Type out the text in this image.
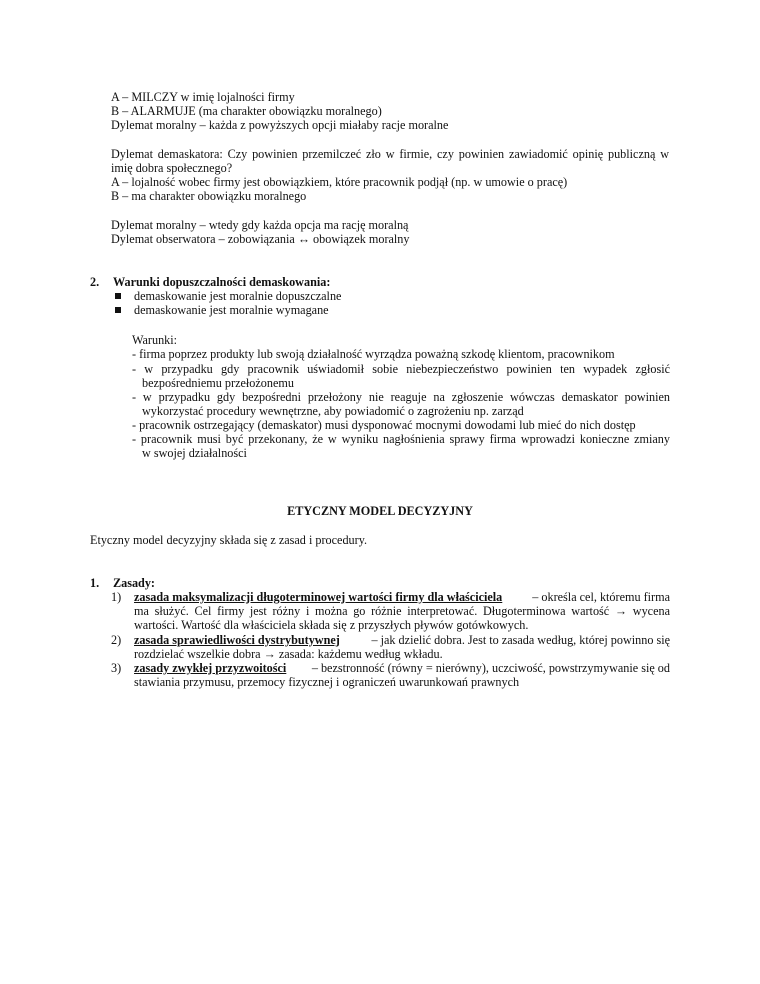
A – MILCZY w imię lojalności firmy
B – ALARMUJE (ma charakter obowiązku moralnego)
Dylemat moralny – każda z powyższych opcji miałaby racje moralne
Dylemat demaskatora: Czy powinien przemilczeć zło w firmie, czy powinien zawiadomić opinię publiczną w
imię dobra społecznego?
A – lojalność wobec firmy jest obowiązkiem, które pracownik podjął (np. w umowie o pracę)
B – ma charakter obowiązku moralnego
Dylemat moralny – wtedy gdy każda opcja ma rację moralną
Dylemat obserwatora – zobowiązania ↔ obowiązek moralny
2. Warunki dopuszczalności demaskowania:
demaskowanie jest moralnie dopuszczalne
demaskowanie jest moralnie wymagane
Warunki:
- firma poprzez produkty lub swoją działalność wyrządza poważną szkodę klientom, pracownikom
- w przypadku gdy pracownik uświadomił sobie niebezpieczeństwo powinien ten wypadek zgłosić
bezpośredniemu przełożonemu
- w przypadku gdy bezpośredni przełożony nie reaguje na zgłoszenie wówczas demaskator powinien
wykorzystać procedury wewnętrzne, aby powiadomić o zagrożeniu np. zarząd
- pracownik ostrzegający (demaskator) musi dysponować mocnymi dowodami lub mieć do nich dostęp
- pracownik musi być przekonany, że w wyniku nagłośnienia sprawy firma wprowadzi konieczne zmiany
w swojej działalności
ETYCZNY MODEL DECYZYJNY
Etyczny model decyzyjny składa się z zasad i procedury.
1. Zasady:
1) zasada maksymalizacji długoterminowej wartości firmy dla właściciela – określa cel, któremu firma
ma służyć. Cel firmy jest różny i można go różnie interpretować. Długoterminowa wartość → wycena
wartości. Wartość dla właściciela składa się z przyszłych pływów gotówkowych.
2) zasada sprawiedliwości dystrybutywnej	– jak dzielić dobra. Jest to zasada według, której powinno się
rozdzielać wszelkie dobra → zasada: każdemu według wkładu.
3) zasady zwykłej przyzwoitości – bezstronność (równy = nierówny), uczciwość, powstrzymywanie się od
stawiania przymusu, przemocy fizycznej i ograniczeń uwarunkowań prawnych
